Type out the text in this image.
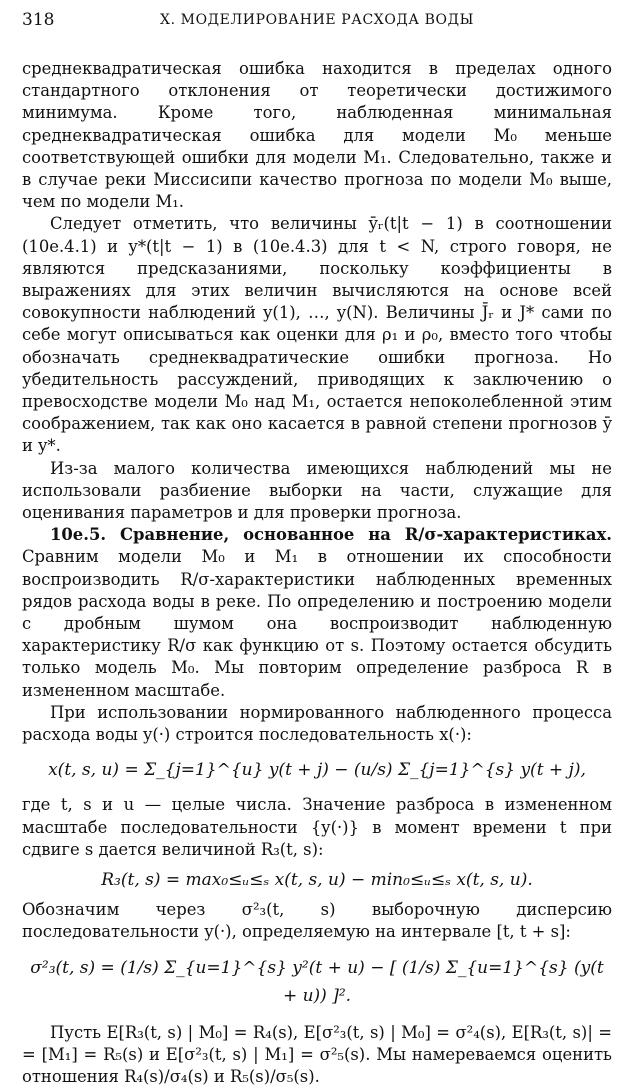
318	X. МОДЕЛИРОВАНИЕ РАСХОДА ВОДЫ

среднеквадратическая ошибка находится в пределах одного стандартного отклонения от теоретически достижимого минимума. Кроме того, наблюденная минимальная среднеквадратическая ошибка для модели M₀ меньше соответствующей ошибки для модели M₁. Следовательно, также и в случае реки Миссисипи качество прогноза по модели M₀ выше, чем по модели M₁.

Следует отметить, что величины ȳᵣ(t|t − 1) в соотношении (10e.4.1) и y*(t|t − 1) в (10e.4.3) для t < N, строго говоря, не являются предсказаниями, поскольку коэффициенты в выражениях для этих величин вычисляются на основе всей совокупности наблюдений y(1), …, y(N). Величины J̄ᵣ и J* сами по себе могут описываться как оценки для ρ₁ и ρ₀, вместо того чтобы обозначать среднеквадратические ошибки прогноза. Но убедительность рассуждений, приводящих к заключению о превосходстве модели M₀ над M₁, остается непоколебленной этим соображением, так как оно касается в равной степени прогнозов ȳ и y*.

Из-за малого количества имеющихся наблюдений мы не использовали разбиение выборки на части, служащие для оценивания параметров и для проверки прогноза.

10e.5. Сравнение, основанное на R/σ-характеристиках. Сравним модели M₀ и M₁ в отношении их способности воспроизводить R/σ-характеристики наблюденных временных рядов расхода воды в реке. По определению и построению модели с дробным шумом она воспроизводит наблюденную характеристику R/σ как функцию от s. Поэтому остается обсудить только модель M₀. Мы повторим определение разброса R в измененном масштабе.

При использовании нормированного наблюденного процесса расхода воды y(·) строится последовательность x(·):

x(t, s, u) = Σ_{j=1}^{u} y(t + j) − (u/s) Σ_{j=1}^{s} y(t + j),

где t, s и u — целые числа. Значение разброса в измененном масштабе последовательности {y(·)} в момент времени t при сдвиге s дается величиной R₃(t, s):

R₃(t, s) = max₀≤ᵤ≤ₛ x(t, s, u) − min₀≤ᵤ≤ₛ x(t, s, u).

Обозначим через σ²₃(t, s) выборочную дисперсию последовательности y(·), определяемую на интервале [t, t + s]:

σ²₃(t, s) = (1/s) Σ_{u=1}^{s} y²(t + u) − [ (1/s) Σ_{u=1}^{s} (y(t + u)) ]².

Пусть E[R₃(t, s) | M₀] = R₄(s), E[σ²₃(t, s) | M₀] = σ²₄(s), E[R₃(t, s)| = = [M₁] = R₅(s) и E[σ²₃(t, s) | M₁] = σ²₅(s). Мы намереваемся оценить отношения R₄(s)/σ₄(s) и R₅(s)/σ₅(s).
